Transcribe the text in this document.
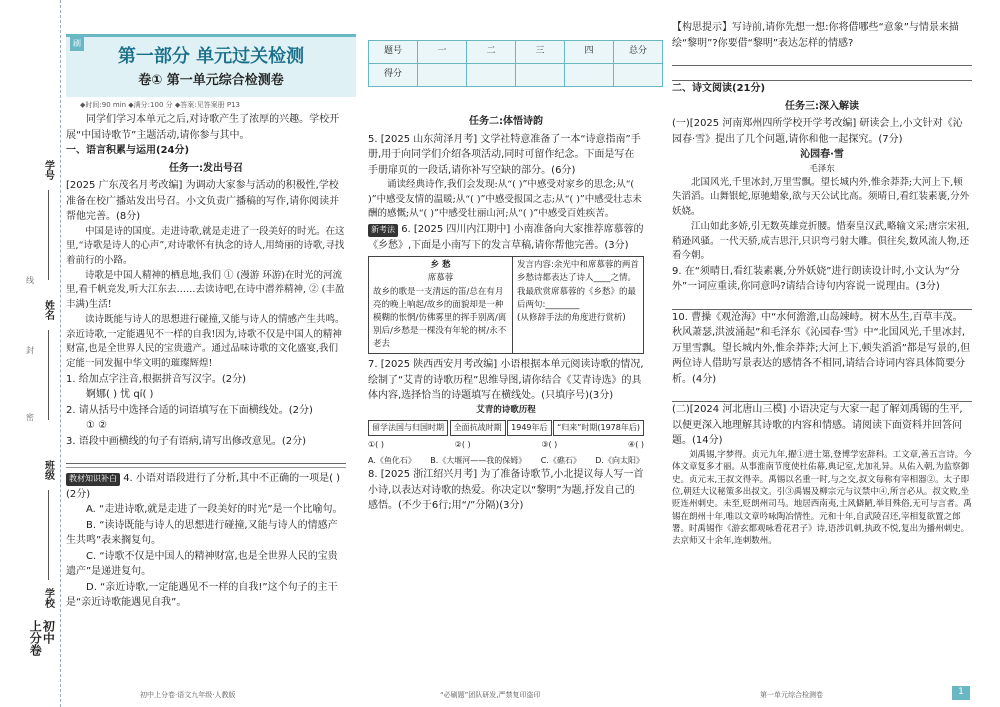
学号
线
姓名
封
密
班级
学校
初中
上分卷
刷
第一部分 单元过关检测
卷① 第一单元综合检测卷
题号	一	二	三	四	总分
得分					
◆时间:90 min ◆满分:100 分 ◆答案:见答案册 P13

同学们学习本单元之后,对诗歌产生了浓厚的兴趣。学校开展“中国诗歌节”主题活动,请你参与其中。

一、语言积累与运用(24分)

任务一:发出号召

[2025 广东茂名月考改编] 为调动大家参与活动的积极性,学校准备在校广播站发出号召。小文负责广播稿的写作,请你阅读并帮他完善。(8分)

中国是诗的国度。走进诗歌,就是走进了一段美好的时光。在这里,“诗歌是诗人的心声”,对诗歌怀有执念的诗人,用绮丽的诗歌,寻找着前行的小路。

诗歌是中国人精神的栖息地,我们 ① (漫游 环游)在时光的河流里,看千帆竞发,听大江东去……去读诗吧,在诗中潜养精神, ② (丰盈 丰满)生活!

读诗既能与诗人的思想进行碰撞,又能与诗人的情感产生共鸣。亲近诗歌,一定能遇见不一样的自我!因为,诗歌不仅是中国人的精神财富,也是全世界人民的宝贵遗产。通过品味诗歌的文化盛宴,我们定能一同发掘中华文明的璀璨辉煌!

1. 给加点字注音,根据拼音写汉字。(2分)

婀娜( ) 忧 qí( )

2. 请从括号中选择合适的词语填写在下面横线处。(2分)

① ②

3. 语段中画横线的句子有语病,请写出修改意见。(2分)

教材知识补白 4. 小语对语段进行了分析,其中不正确的一项是( )(2分)

A. “走进诗歌,就是走进了一段美好的时光”是一个比喻句。

B. “读诗既能与诗人的思想进行碰撞,又能与诗人的情感产生共鸣”表来搁复句。

C. “诗歌不仅是中国人的精神财富,也是全世界人民的宝贵遗产”是递进复句。

D. “亲近诗歌,一定能遇见不一样的自我!”这个句子的主干是“亲近诗歌能遇见自我”。

任务二:体悟诗韵

5. [2025 山东菏泽月考] 文学社特意准备了一本“诗意指南”手册,用于向同学们介绍各项活动,同时可留作纪念。下面是写在手册扉页的一段话,请你补写空缺的部分。(6分)

诵读经典诗作,我们会发现:从“( )”中感受对家乡的思念;从“( )”中感受友情的温暖;从“( )”中感受报国之志;从“( )”中感受壮志未酬的感慨;从“( )”中感受壮丽山河;从“( )”中感受百姓疾苦。

新考法 6. [2025 四川内江期中] 小南准备向大家推荐席慕蓉的《乡愁》,下面是小南写下的发言草稿,请你帮他完善。(3分)

乡 愁
席慕蓉
故乡的歌是一支清远的笛/总在有月亮的晚上响起/故乡的面貌却是一种模糊的怅惘/仿佛雾里的挥手别离/离别后/乡愁是一棵没有年轮的树/永不老去
发言内容:余光中和席慕蓉的两首乡愁诗都表达了诗人____之情。我最欣赏席慕蓉的《乡愁》的最后两句:________
(从修辞手法的角度进行赏析)

7. [2025 陕西西安月考改编] 小语根据本单元阅读诗歌的情况,绘制了“艾青的诗歌历程”思维导图,请你结合《艾青诗选》的具体内容,选择恰当的诗题填写在横线处。(只填序号)(3分)

艾青的诗歌历程
留学法国与归国时期	全面抗战时期	1949年后	“归来”时期(1978年后)
①( )	②( )	③( )	④( )
A.《鱼化石》 B.《大堰河——我的保姆》 C.《礁石》 D.《向太阳》

8. [2025 浙江绍兴月考] 为了准备诗歌节,小北提议每人写一首小诗,以表达对诗歌的热爱。你决定以“黎明”为题,抒发自己的感悟。(不少于6行;用“/”分隔)(3分)

【构思提示】写诗前,请你先想一想:你将借哪些“意象”与情景来描绘“黎明”?你要借“黎明”表达怎样的情感?

二、诗文阅读(21分)

任务三:深入解读

(一)[2025 河南郑州四所学校开学考改编] 研读会上,小文针对《沁园春·雪》提出了几个问题,请你和他一起探究。(7分)

沁园春·雪

毛泽东

北国风光,千里冰封,万里雪飘。望长城内外,惟余莽莽;大河上下,顿失滔滔。山舞银蛇,原驰蜡象,欲与天公试比高。须晴日,看红装素裹,分外妖娆。

江山如此多娇,引无数英雄竞折腰。惜秦皇汉武,略输文采;唐宗宋祖,稍逊风骚。一代天骄,成吉思汗,只识弯弓射大雕。俱往矣,数风流人物,还看今朝。

9. 在“须晴日,看红装素裹,分外妖娆”进行朗读设计时,小文认为“分外”一词应重读,你同意吗?请结合诗句内容说一说理由。(3分)

10. 曹操《观沧海》中“水何澹澹,山岛竦峙。树木丛生,百草丰茂。秋风萧瑟,洪波涌起”和毛泽东《沁园春·雪》中“北国风光,千里冰封,万里雪飘。望长城内外,惟余莽莽;大河上下,顿失滔滔”都是写景的,但两位诗人借助写景表达的感情各不相同,请结合诗词内容具体简要分析。(4分)

(二)[2024 河北唐山三模] 小语决定与大家一起了解刘禹锡的生平,以便更深入地理解其诗歌的内容和情感。请阅读下面资料并回答问题。(14分)

刘禹锡,字梦得。贞元九年,擢①进士第,登博学宏辞科。工文章,善五言诗。今体文章复多才丽。从事淮南节度使杜佑幕,典记室,尤加礼异。从佑入朝,为监察御史。贞元末,王叔文得幸。禹锡以名重一时,与之交,叔文每称有宰相器②。太子即位,朝廷大议秘策多出叔文。引③禹锡及柳宗元与议禁中④,所言必从。叔文败,坐贬连州刺史。未至,贬朗州司马。地居西南夷,土风僻陋,举目殊俗,无可与言者。禹锡在朗州十年,唯以文章吟咏陶冶情性。元和十年,自武陵召还,宰相复欲置之郎署。时禹锡作《游玄都观咏看花君子》诗,语涉讥刺,执政不悦,复出为播州刺史。去京师又十余年,连刺数州。

初中上分卷·语文九年级·人教版	“必刷题”团队研发,严禁复印盗印	第一单元综合检测卷	1
